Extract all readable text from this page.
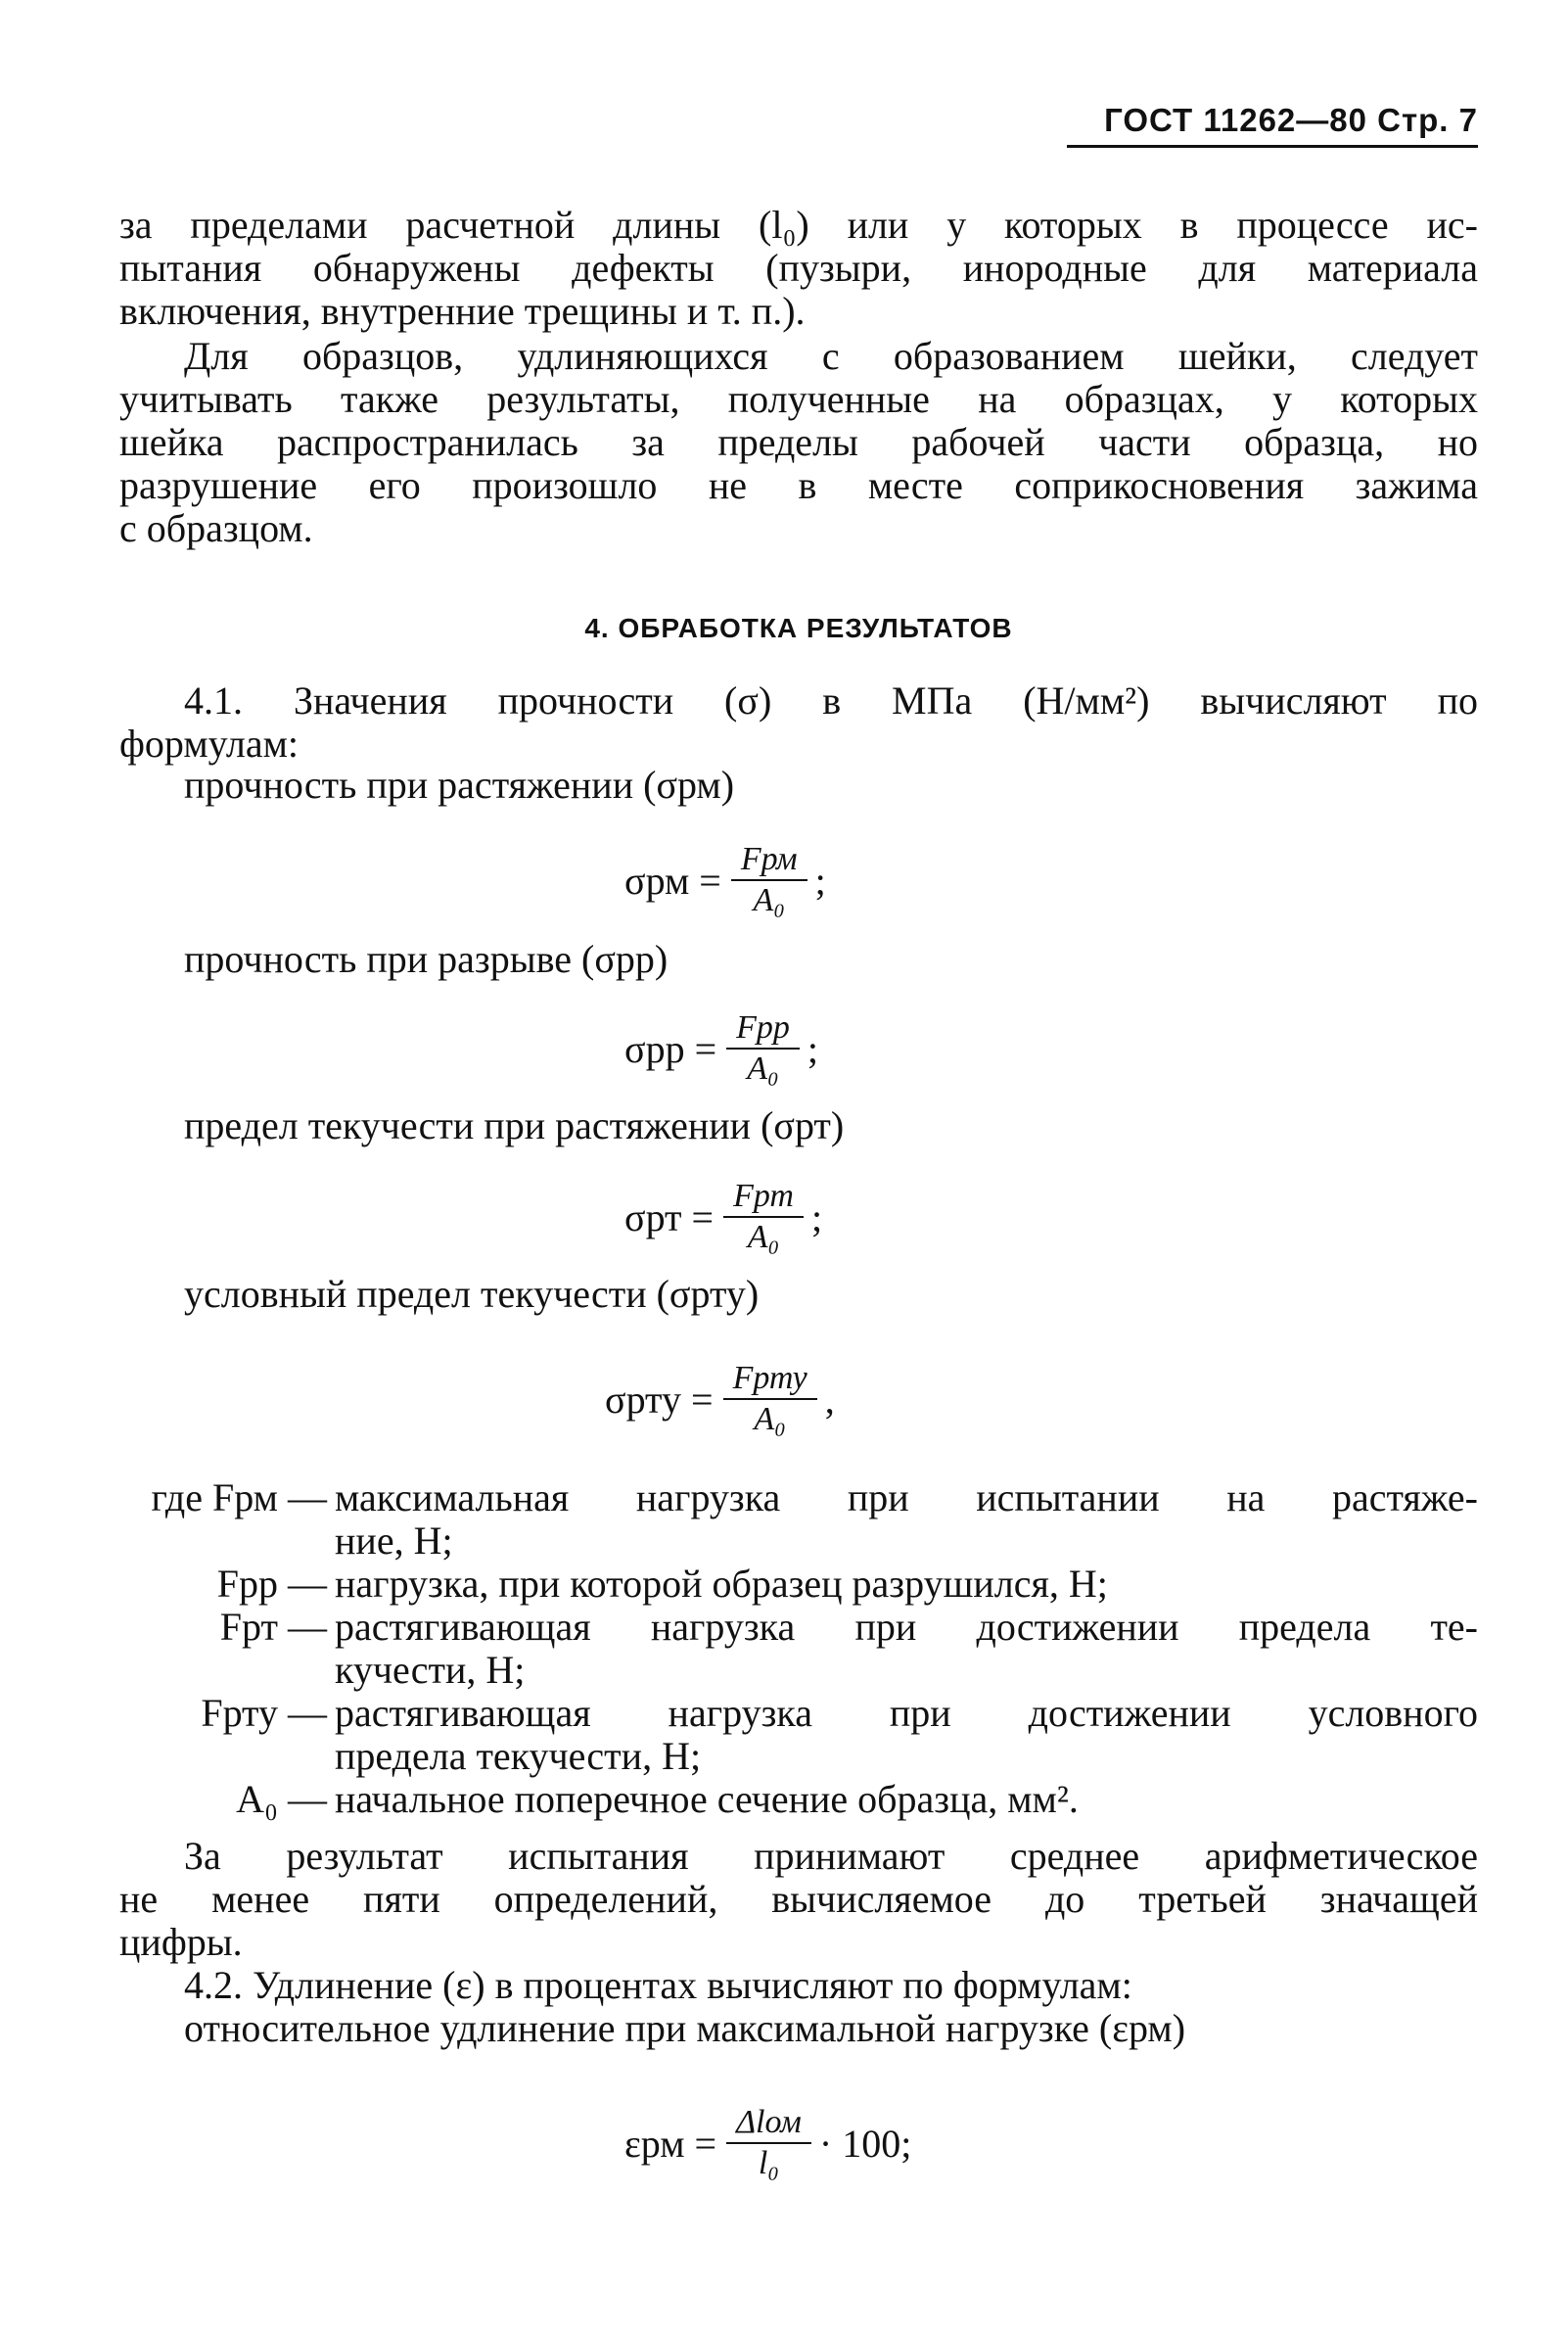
ГОСТ 11262—80 Стр. 7
за пределами расчетной длины (l₀) или у которых в процессе ис-
пытания обнаружены дефекты (пузыри, инородные для материала
включения, внутренние трещины и т. п.).
Для образцов, удлиняющихся с образованием шейки, следует
учитывать также результаты, полученные на образцах, у которых
шейка распространилась за пределы рабочей части образца, но
разрушение его произошло не в месте соприкосновения зажима
с образцом.
4. ОБРАБОТКА РЕЗУЛЬТАТОВ
4.1. Значения прочности (σ) в МПа (Н/мм²) вычисляют по
формулам:
прочность при растяжении (σрм)
$\sigma рм = \frac{\text{Fрм}}{\text{A₀}}$ ;
прочность при разрыве (σрр)
$\sigma рр = \frac{\text{Fрр}}{\text{A₀}}$ ;
предел текучести при растяжении (σрт)
$\sigma рт = \frac{\text{Fрт}}{\text{A₀}}$ ;
условный предел текучести (σрту)
$\sigma рту = \frac{\text{Fрту}}{\text{A₀}}$ ,
где Fрм — максимальная нагрузка при испытании на растяже-
ние, Н;
Fрр — нагрузка, при которой образец разрушился, Н;
Fрт — растягивающая нагрузка при достижении предела те-
кучести, Н;
Fрту — растягивающая нагрузка при достижении условного
предела текучести, Н;
A₀ — начальное поперечное сечение образца, мм².
За результат испытания принимают среднее арифметическое
не менее пяти определений, вычисляемое до третьей значащей
цифры.
4.2. Удлинение (ε) в процентах вычисляют по формулам:
относительное удлинение при максимальной нагрузке (εрм)
$\varepsilon рм = \frac{\text{Δlом}}{\text{l₀}} \cdot 100$;
